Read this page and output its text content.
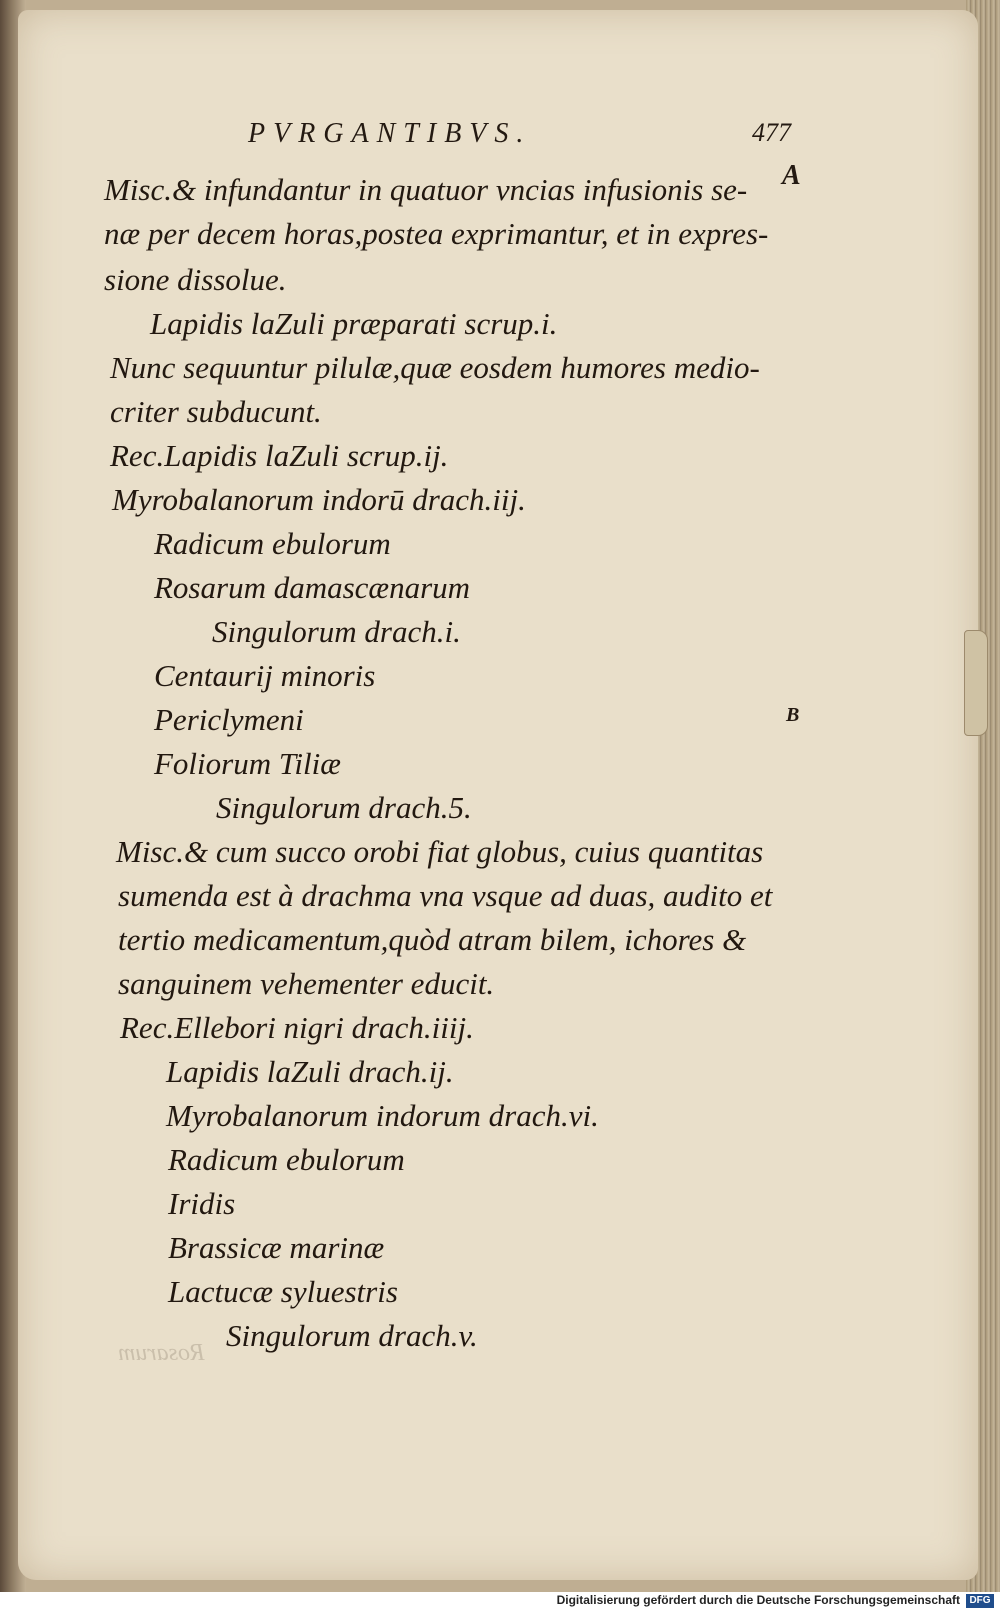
PVRGANTIBVS.	477
A
B
Rosarum
Misc.& infundantur in quatuor vncias infusionis se-
næ per decem horas,postea exprimantur, et in expres-
sione dissolue.
Lapidis laZuli præparati scrup.i.
Nunc sequuntur pilulæ,quæ eosdem humores medio-
criter subducunt.
Rec.Lapidis laZuli scrup.ij.
Myrobalanorum indorū drach.iij.
Radicum ebulorum
Rosarum damascænarum
Singulorum drach.i.
Centaurij minoris
Periclymeni
Foliorum Tiliæ
Singulorum drach.5.
Misc.& cum succo orobi fiat globus, cuius quantitas
sumenda est à drachma vna vsque ad duas, audito et
tertio medicamentum,quòd atram bilem, ichores &
sanguinem vehementer educit.
Rec.Ellebori nigri drach.iiij.
Lapidis laZuli drach.ij.
Myrobalanorum indorum drach.vi.
Radicum ebulorum
Iridis
Brassicæ marinæ
Lactucæ syluestris
Singulorum drach.v.
Digitalisierung gefördert durch die Deutsche Forschungsgemeinschaft DFG
